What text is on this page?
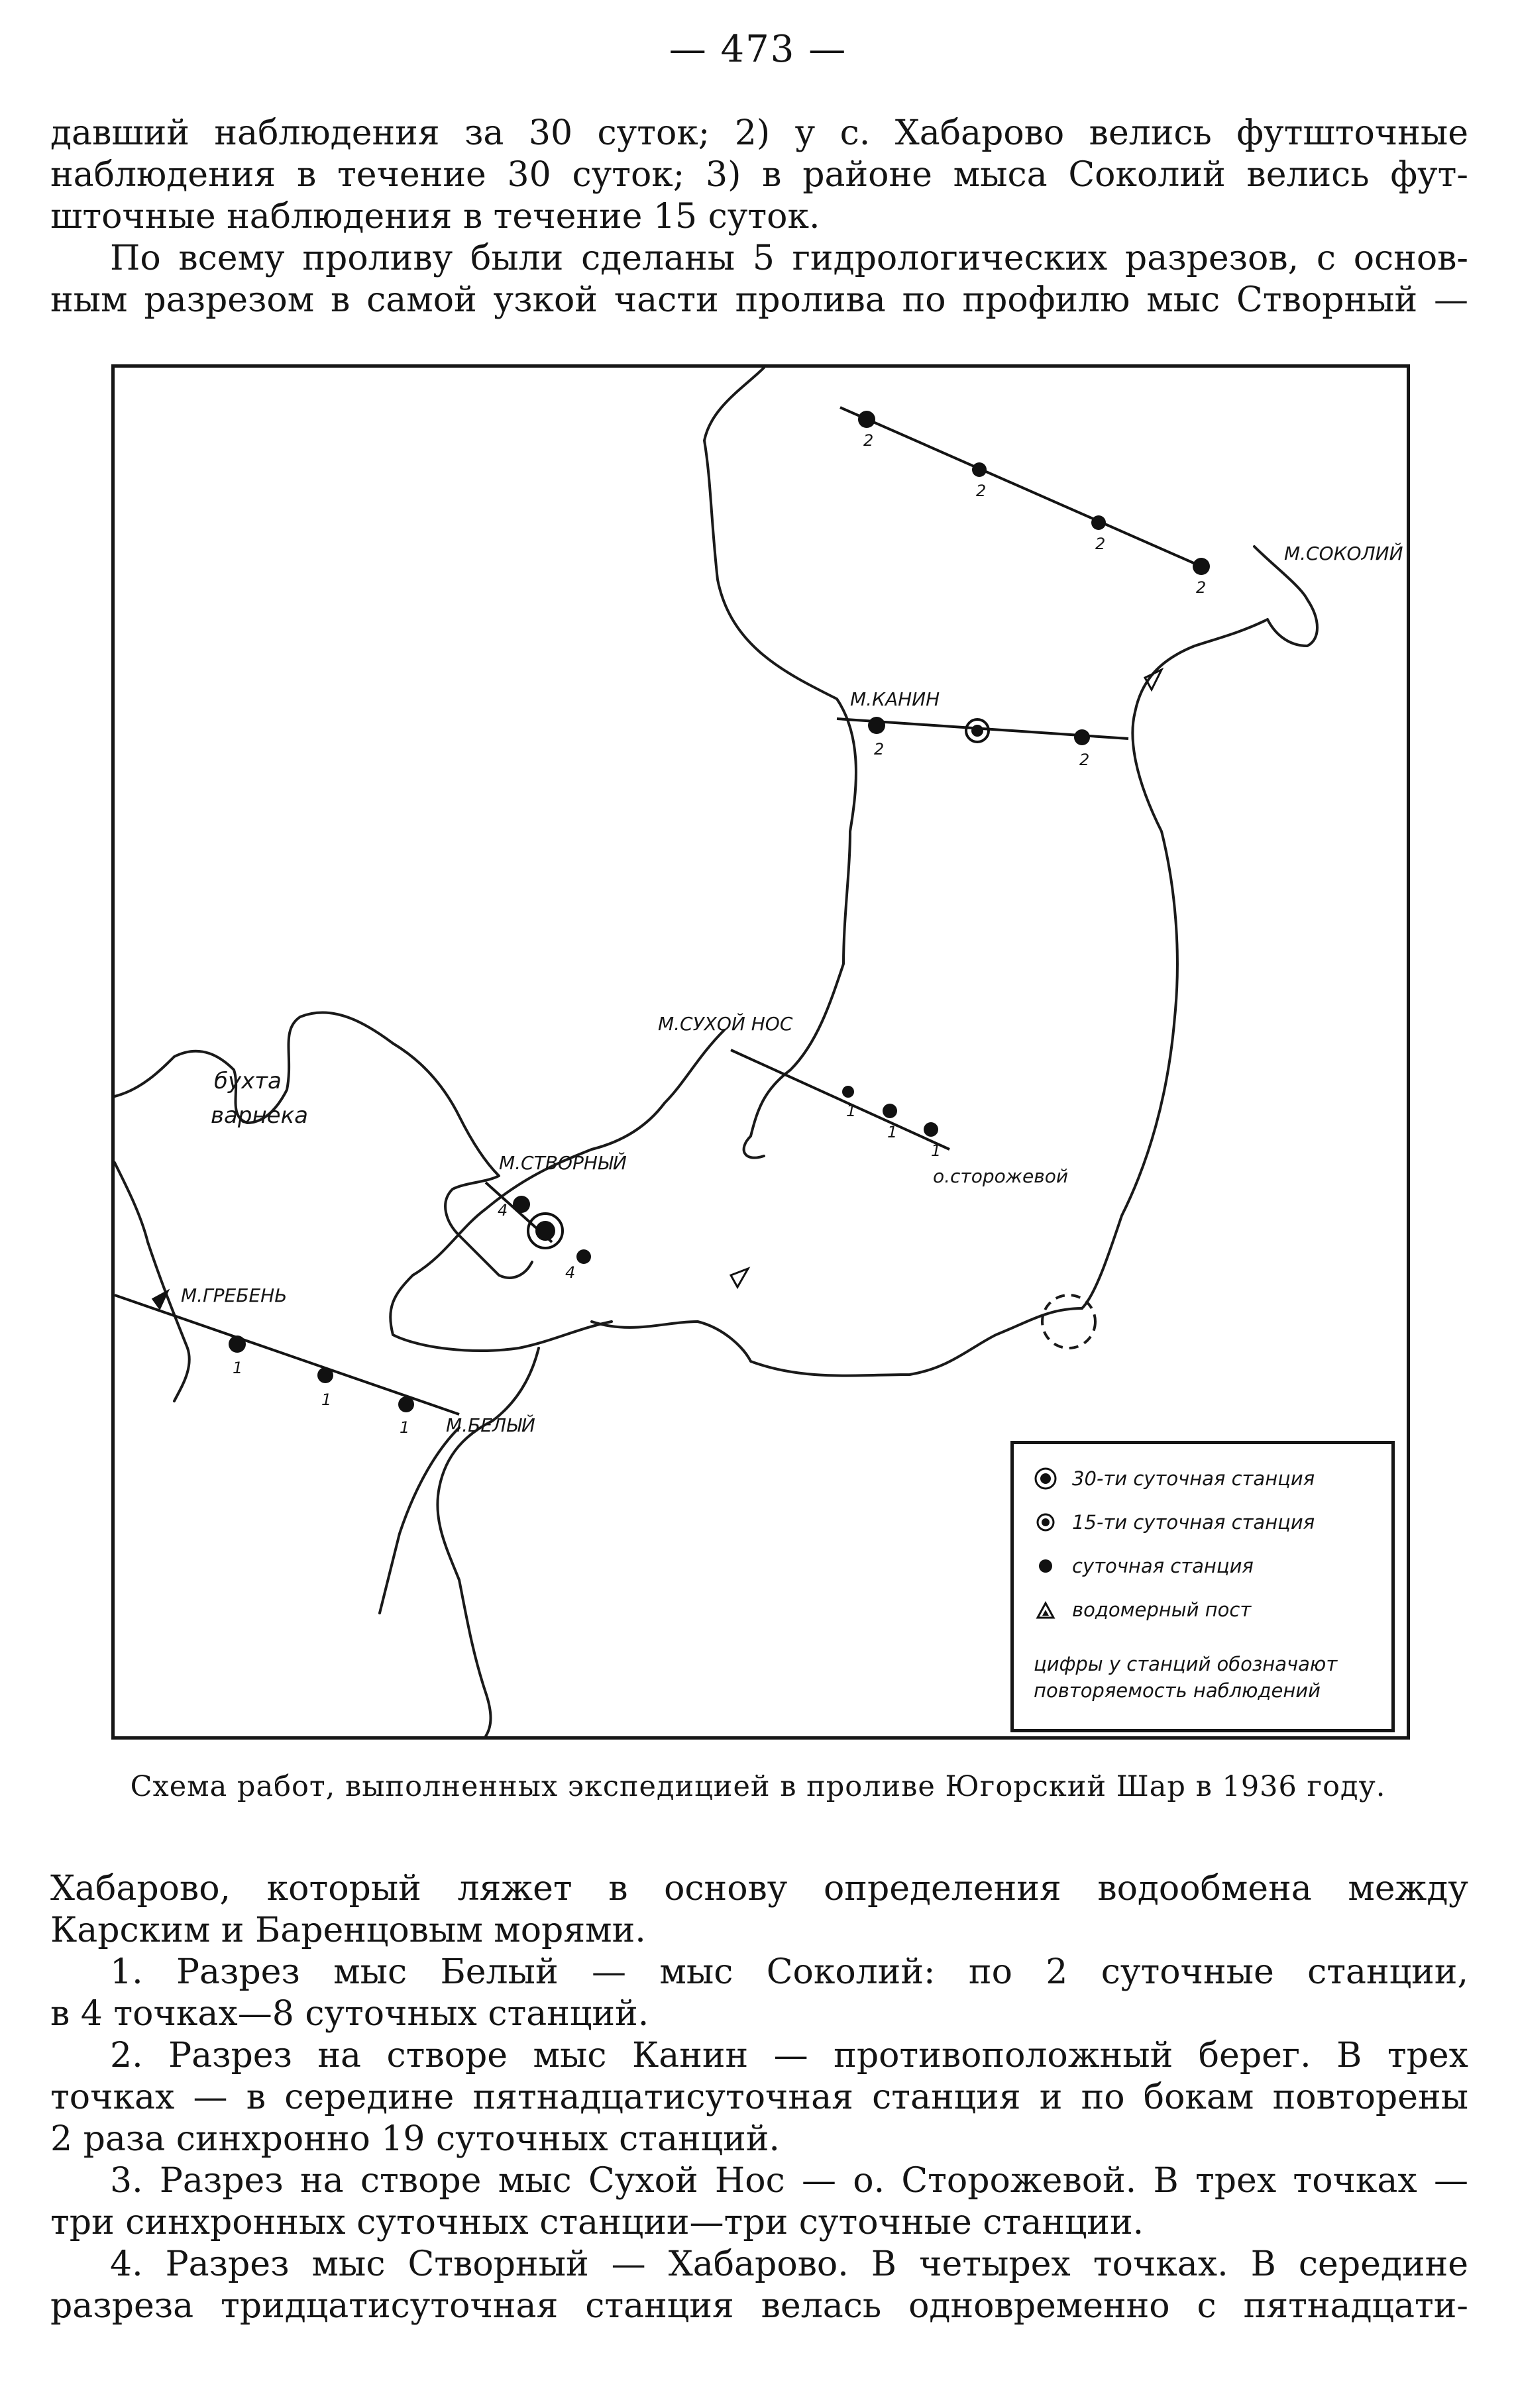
— 473 —
давший наблюдения за 30 суток; 2) у с. Хабарово велись футшточные
наблюдения в течение 30 суток; 3) в районе мыса Соколий велись фут-
шточные наблюдения в течение 15 суток.
По всему проливу были сделаны 5 гидрологических разрезов, с основ-
ным разрезом в самой узкой части пролива по профилю мыс Створный —
2
2
2
2
М.СОКОЛИЙ
М.КАНИН
2
2
М.СУХОЙ НОС
1
1
1
о.сторожевой
М.СТВОРНЫЙ
4
4
бухта
варнека
М.ГРЕБЕНЬ
1
1
1 М.БЕЛЫЙ
30-ти суточная станция
15-ти суточная станция
суточная станция
водомерный пост
цифры у станций обозначают повторяемость наблюдений
Схема работ, выполненных экспедицией в проливе Югорский Шар в 1936 году.
Хабарово, который ляжет в основу определения водообмена между
Карским и Баренцовым морями.
1. Разрез мыс Белый — мыс Соколий: по 2 суточные станции,
в 4 точках—8 суточных станций.
2. Разрез на створе мыс Канин — противоположный берег. В трех
точках — в середине пятнадцатисуточная станция и по бокам повторены
2 раза синхронно 19 суточных станций.
3. Разрез на створе мыс Сухой Нос — о. Сторожевой. В трех точках —
три синхронных суточных станции—три суточные станции.
4. Разрез мыс Створный — Хабарово. В четырех точках. В середине
разреза тридцатисуточная станция велась одновременно с пятнадцати-
